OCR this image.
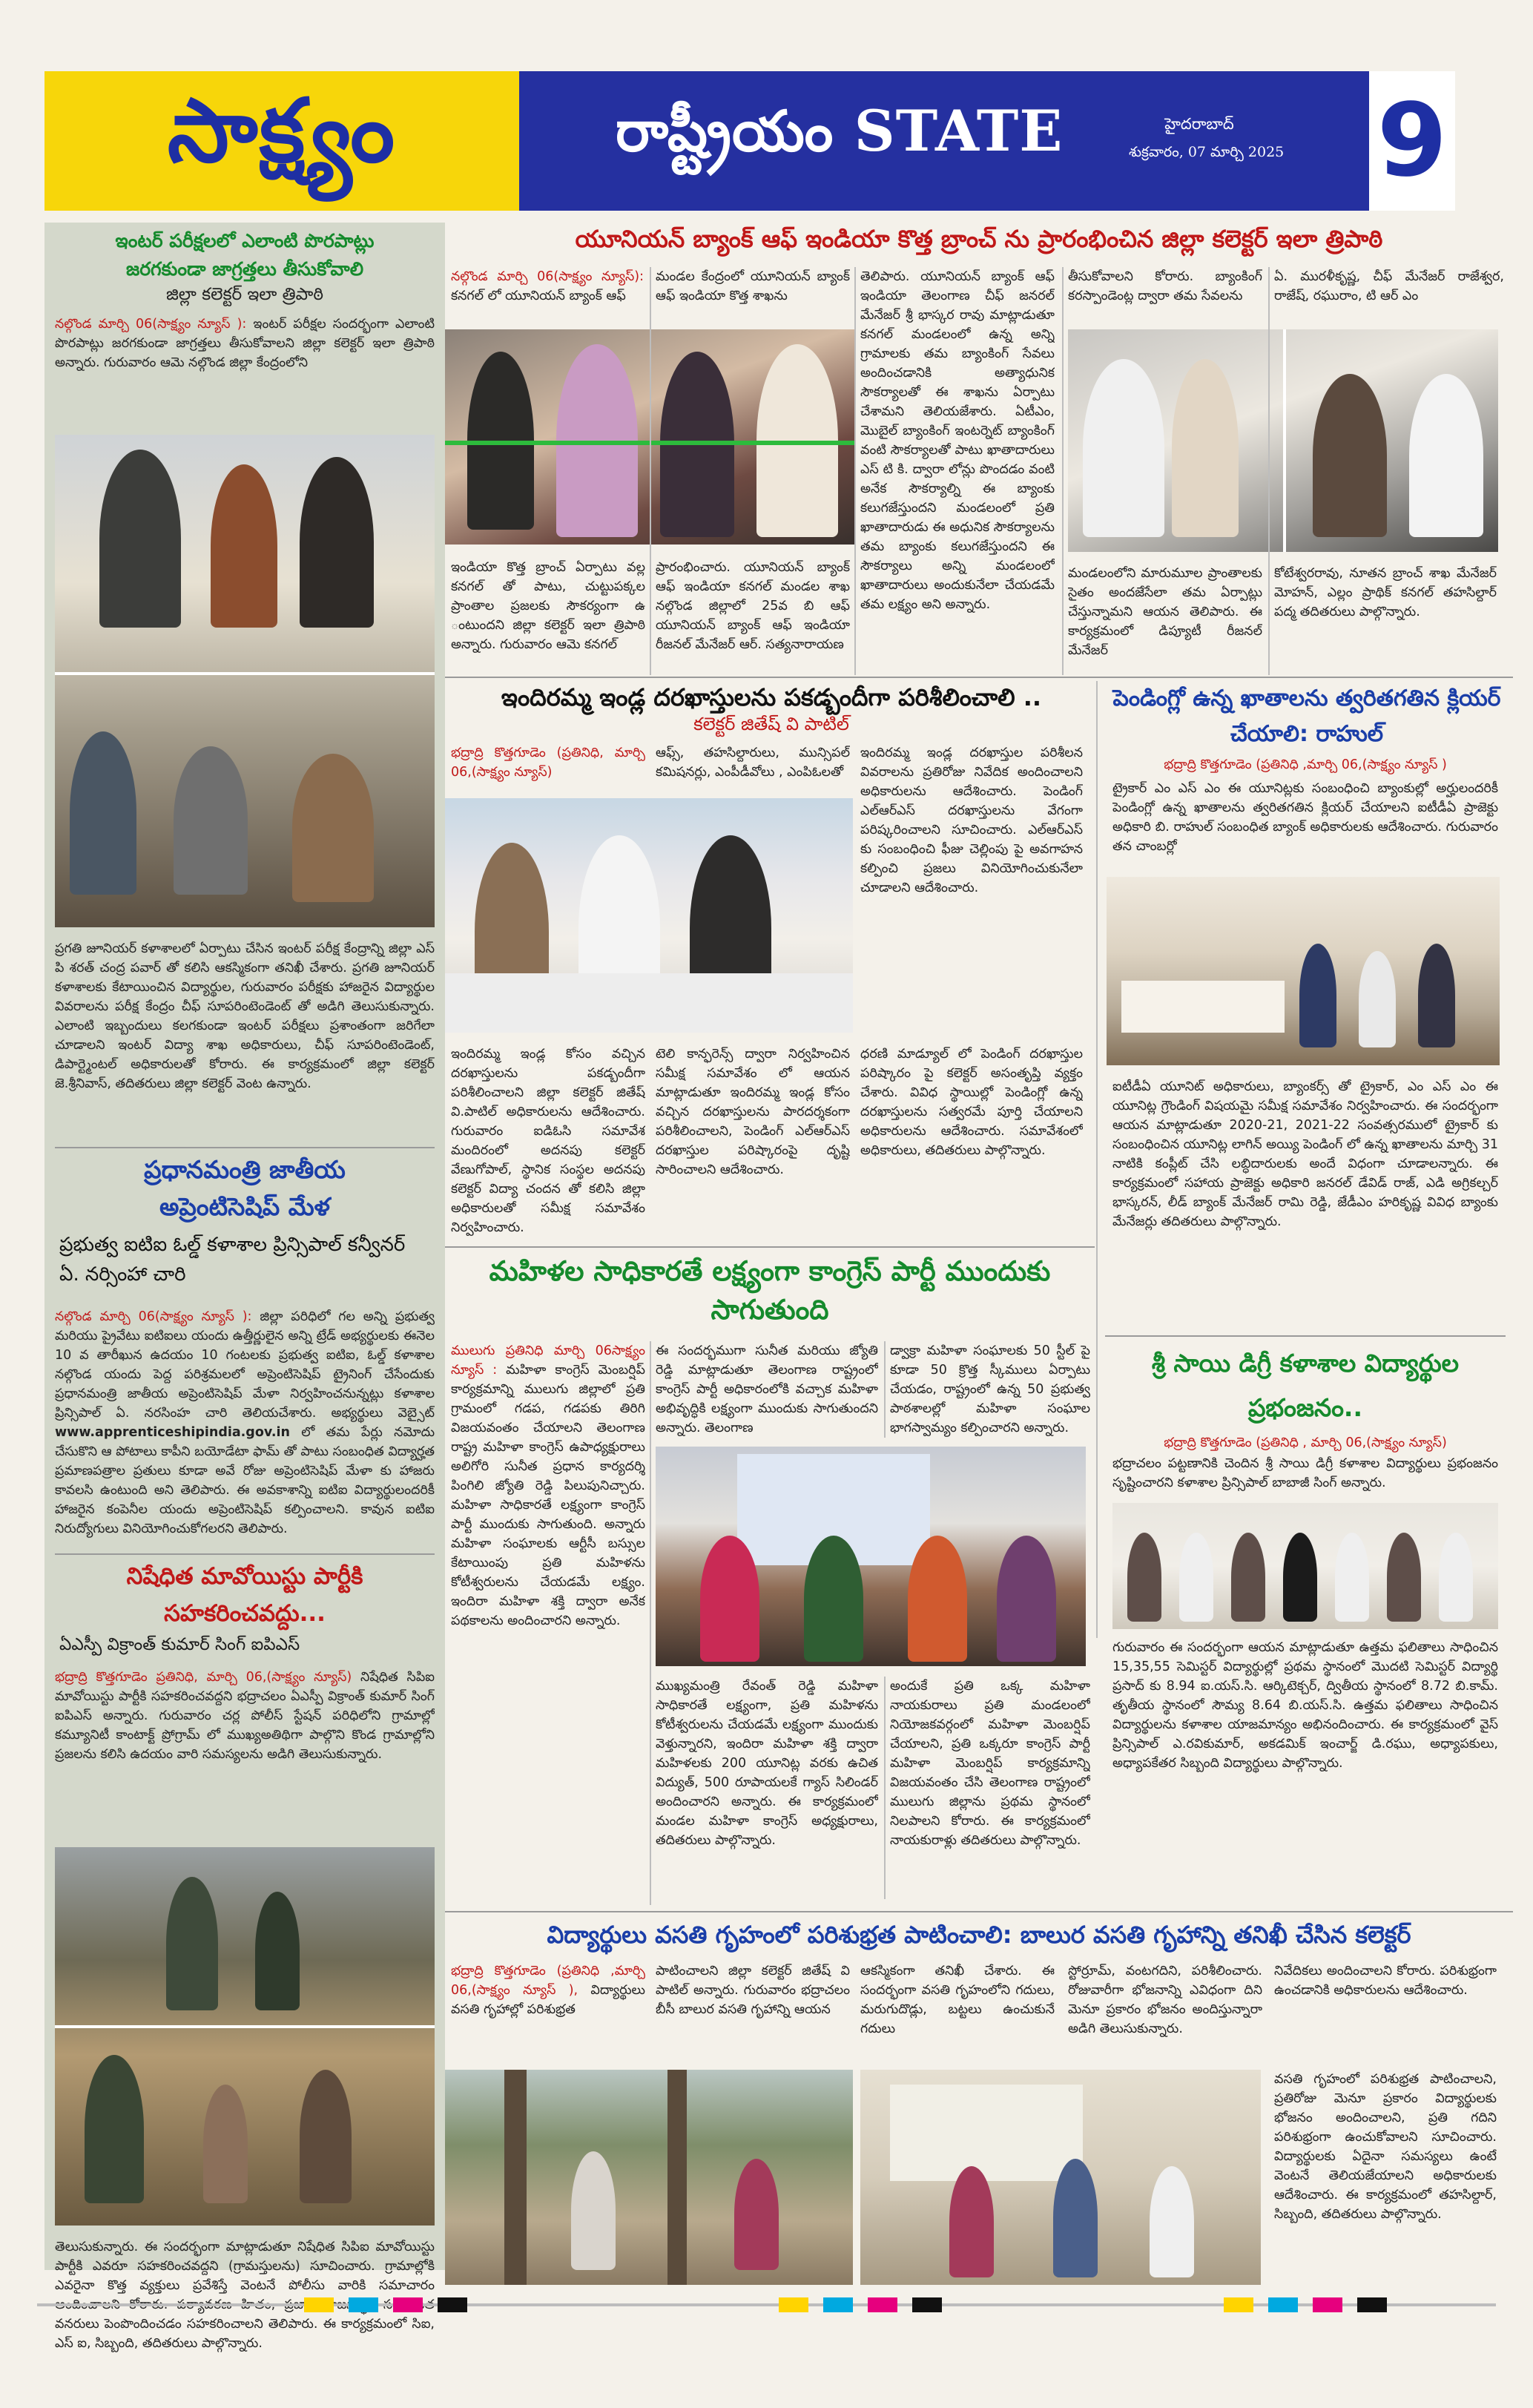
సాక్ష్యం	రాష్ట్రీయం STATE	హైదరాబాద్
శుక్రవారం, 07 మార్చి 2025 9
ఇంటర్ పరీక్షలలో ఎలాంటి పొరపాట్లు జరగకుండా జాగ్రత్తలు తీసుకోవాలి
జిల్లా కలెక్టర్ ఇలా త్రిపాఠి
నల్గొండ మార్చి 06(సాక్ష్యం న్యూస్ ): ఇంటర్ పరీక్షల సందర్భంగా ఎలాంటి పొరపాట్లు జరగకుండా జాగ్రత్తలు తీసుకోవాలని జిల్లా కలెక్టర్ ఇలా త్రిపాఠి అన్నారు. గురువారం ఆమె నల్గొండ జిల్లా కేంద్రంలోని
ప్రగతి జూనియర్ కళాశాలలో ఏర్పాటు చేసిన ఇంటర్ పరీక్ష కేంద్రాన్ని జిల్లా ఎస్ పి శరత్ చంద్ర పవార్ తో కలిసి ఆకస్మికంగా తనిఖీ చేశారు. ప్రగతి జూనియర్ కళాశాలకు కేటాయించిన విద్యార్థుల, గురువారం పరీక్షకు హాజరైన విద్యార్థుల వివరాలను పరీక్ష కేంద్రం చీఫ్ సూపరింటెండెంట్ తో అడిగి తెలుసుకున్నారు. ఎలాంటి ఇబ్బందులు కలగకుండా ఇంటర్ పరీక్షలు ప్రశాంతంగా జరిగేలా చూడాలని ఇంటర్ విద్యా శాఖ అధికారులు, చీఫ్ సూపరింటెండెంట్, డిపార్ట్మెంటల్ అధికారులతో కోరారు. ఈ కార్యక్రమంలో జిల్లా కలెక్టర్ జె.శ్రీనివాస్, తదితరులు జిల్లా కలెక్టర్ వెంట ఉన్నారు.
ప్రధానమంత్రి జాతీయ అప్రెంటిసెషిప్ మేళ
ప్రభుత్వ ఐటిఐ ఓల్డ్ కళాశాల ప్రిన్సిపాల్ కన్వీనర్ ఏ. నర్సింహా చారి
నల్గొండ మార్చి 06(సాక్ష్యం న్యూస్ ): జిల్లా పరిధిలో గల అన్ని ప్రభుత్వ మరియు ప్రైవేటు ఐటిఐలు యందు ఉత్తీర్ణులైన అన్ని ట్రేడ్ అభ్యర్థులకు ఈనెల 10 వ తారీఖున ఉదయం 10 గంటలకు ప్రభుత్వ ఐటిఐ, ఓల్డ్ కళాశాల నల్గొండ యందు పెద్ద పరిశ్రమలలో అప్రెంటిసెషిప్ ట్రైనింగ్ చేసేందుకు ప్రధానమంత్రి జాతీయ అప్రెంటిసెషిప్ మేళా నిర్వహించనున్నట్లు కళాశాల ప్రిన్సిపాల్ ఏ. నరసింహ చారి తెలియచేశారు. అభ్యర్థులు వెబ్సైట్ www.apprenticeshipindia.gov.in లో తమ పేర్లు నమోదు చేసుకొని ఆ పోటాలు కాపీని బయోడేటా ఫామ్ తో పాటు సంబంధిత విద్యార్హత ప్రమాణపత్రాల ప్రతులు కూడా అవే రోజు అప్రెంటిసెషిప్ మేళా కు హాజరు కావలసి ఉంటుంది అని తెలిపారు. ఈ అవకాశాన్ని ఐటిఐ విద్యార్థులందరికీ హాజరైన కంపెనీల యందు అప్రెంటిసెషిప్ కల్పించాలని. కావున ఐటిఐ నిరుద్యోగులు వినియోగించుకోగలరని తెలిపారు.
నిషేధిత మావోయిస్టు పార్టీకి సహకరించవద్దు...
ఏఎస్పీ విక్రాంత్ కుమార్ సింగ్ ఐపిఎస్
భద్రాద్రి కొత్తగూడెం ప్రతినిధి, మార్చి 06,(సాక్ష్యం న్యూస్) నిషేధిత సిపిఐ మావోయిస్టు పార్టీకి సహకరించవద్దని భద్రాచలం ఏఎస్పీ విక్రాంత్ కుమార్ సింగ్ ఐపిఎస్ అన్నారు. గురువారం చర్ల పోలీస్ స్టేషన్ పరిధిలోని గ్రామాల్లో కమ్యూనిటీ కాంటాక్ట్ ప్రోగ్రామ్ లో ముఖ్యఅతిథిగా పాల్గొని కొండ గ్రామాల్లోని ప్రజలను కలిసి ఉదయం వారి సమస్యలను అడిగి తెలుసుకున్నారు.
తెలుసుకున్నారు. ఈ సందర్భంగా మాట్లాడుతూ నిషేధిత సిపిఐ మావోయిస్టు పార్టీకి ఎవరూ సహకరించవద్దని (గ్రామస్తులను) సూచించారు. గ్రామాల్లోకి ఎవరైనా కొత్త వ్యక్తులు ప్రవేశిస్తే వెంటనే పోలీసు వారికి సమాచారం వనరులు పెంపొందించడం సహకరించాలని తెలిపారు. ఈ కార్యక్రమంలో సిఐ, ఎస్ ఐ, సిబ్బంది, తదితరులు పాల్గొన్నారు.
యూనియన్ బ్యాంక్ ఆఫ్ ఇండియా కొత్త బ్రాంచ్ ను ప్రారంభించిన జిల్లా కలెక్టర్ ఇలా త్రిపాఠి
నల్గొండ మార్చి 06(సాక్ష్యం న్యూస్): కనగల్ లో యూనియన్ బ్యాంక్ ఆఫ్
మండల కేంద్రంలో యూనియన్ బ్యాంక్ ఆఫ్ ఇండియా కొత్త శాఖను
తెలిపారు. యూనియన్ బ్యాంక్ ఆఫ్ ఇండియా తెలంగాణ చీఫ్ జనరల్ మేనేజర్ శ్రీ భాస్కర రావు మాట్లాడుతూ కనగల్ మండలంలో ఉన్న అన్ని గ్రామాలకు తమ బ్యాంకింగ్ సేవలు అందించడానికి అత్యాధునిక సౌకర్యాలతో ఈ శాఖను ఏర్పాటు చేశామని తెలియజేశారు. ఏటీఎం, మొబైల్ బ్యాంకింగ్ ఇంటర్నెట్ బ్యాంకింగ్ వంటి సౌకర్యాలతో పాటు ఖాతాదారులు ఎస్ టి కి. ద్వారా లోన్లు పొందడం వంటి అనేక సౌకర్యాల్ని ఈ బ్యాంకు కలుగజేస్తుందని మండలంలో ప్రతి ఖాతాదారుడు ఈ అధునిక సౌకర్యాలను తమ బ్యాంకు కలుగజేస్తుందని ఈ సౌకర్యాలు అన్ని మండలంలో ఖాతాదారులు అందుకునేలా చేయడమే తమ లక్ష్యం అని అన్నారు.
తీసుకోవాలని కోరారు. బ్యాంకింగ్ కరస్పాండెంట్ల ద్వారా తమ సేవలను
ఏ. మురళీకృష్ణ, చీఫ్ మేనేజర్ రాజేశ్వర, రాజేష్, రఘురాం, టి ఆర్ ఎం
ఇండియా కొత్త బ్రాంచ్ ఏర్పాటు వల్ల కనగల్ తో పాటు, చుట్టుపక్కల ప్రాంతాల ప్రజలకు సౌకర్యంగా ఉ ంటుందని జిల్లా కలెక్టర్ ఇలా త్రిపాఠి అన్నారు. గురువారం ఆమె కనగల్
ప్రారంభించారు. యూనియన్ బ్యాంక్ ఆఫ్ ఇండియా కనగల్ మండల శాఖ నల్గొండ జిల్లాలో 25వ బి ఆఫ్ యూనియన్ బ్యాంక్ ఆఫ్ ఇండియా రీజనల్ మేనేజర్ ఆర్. సత్యనారాయణ
మండలంలోని మారుమూల ప్రాంతాలకు సైతం అందజేసేలా తమ ఏర్పాట్లు చేస్తున్నామని ఆయన తెలిపారు. ఈ కార్యక్రమంలో డిప్యూటీ రీజనల్ మేనేజర్
కోటేశ్వరరావు, నూతన బ్రాంచ్ శాఖ మేనేజర్ మోహన్, ఎల్లం ప్రాథిక్ కనగల్ తహసిల్దార్ పద్మ తదితరులు పాల్గొన్నారు.
ఇందిరమ్మ ఇండ్ల దరఖాస్తులను పకడ్బందీగా పరిశీలించాలి ..
కలెక్టర్ జితేష్ వి పాటిల్
భద్రాద్రి కొత్తగూడెం (ప్రతినిధి, మార్చి 06,(సాక్ష్యం న్యూస్)
ఆఫ్స్, తహసిల్దారులు, మున్సిపల్ కమిషనర్లు, ఎంపీడీవోలు , ఎంపిఓలతో
ఇందిరమ్మ ఇండ్ల దరఖాస్తుల పరిశీలన వివరాలను ప్రతిరోజు నివేదిక అందించాలని అధికారులను ఆదేశించారు. పెండింగ్ ఎల్ఆర్ఎస్ దరఖాస్తులను వేగంగా పరిష్కరించాలని సూచించారు. ఎల్ఆర్ఎస్ కు సంబంధించి ఫీజు చెల్లింపు పై అవగాహన కల్పించి ప్రజలు వినియోగించుకునేలా చూడాలని ఆదేశించారు.
ఇందిరమ్మ ఇండ్ల కోసం వచ్చిన దరఖాస్తులను పకడ్బందీగా పరిశీలించాలని జిల్లా కలెక్టర్ జితేష్ వి.పాటిల్ అధికారులను ఆదేశించారు. గురువారం ఐడిఓసి సమావేశ మందిరంలో అదనపు కలెక్టర్ వేణుగోపాల్, స్థానిక సంస్థల అదనపు కలెక్టర్ విద్యా చందన తో కలిసి జిల్లా అధికారులతో సమీక్ష సమావేశం నిర్వహించారు.
టెలి కాన్ఫరెన్స్ ద్వారా నిర్వహించిన సమీక్ష సమావేశం లో ఆయన మాట్లాడుతూ ఇందిరమ్మ ఇండ్ల కోసం వచ్చిన దరఖాస్తులను పారదర్శకంగా పరిశీలించాలని, పెండింగ్ ఎల్ఆర్ఎస్ దరఖాస్తుల పరిష్కారంపై దృష్టి సారించాలని ఆదేశించారు.
ధరణి మాడ్యూల్ లో పెండింగ్ దరఖాస్తుల పరిష్కారం పై కలెక్టర్ అసంతృప్తి వ్యక్తం చేశారు. వివిధ స్థాయిల్లో పెండింగ్లో ఉన్న దరఖాస్తులను సత్వరమే పూర్తి చేయాలని అధికారులను ఆదేశించారు. సమావేశంలో అధికారులు, తదితరులు పాల్గొన్నారు.
పెండింగ్లో ఉన్న ఖాతాలను త్వరితగతిన క్లియర్ చేయాలి: రాహుల్
భద్రాద్రి కొత్తగూడెం (ప్రతినిధి ,మార్చి 06,(సాక్ష్యం న్యూస్ )
ట్రైకార్ ఎం ఎస్ ఎం ఈ యూనిట్లకు సంబంధించి బ్యాంకుల్లో అర్హులందరికీ పెండింగ్లో ఉన్న ఖాతాలను త్వరితగతిన క్లియర్ చేయాలని ఐటీడీఏ ప్రాజెక్టు అధికారి బి. రాహుల్ సంబంధిత బ్యాంక్ అధికారులకు ఆదేశించారు. గురువారం తన చాంబర్లో
ఐటీడీఏ యూనిట్ అధికారులు, బ్యాంకర్స్ తో ట్రైకార్, ఎం ఎస్ ఎం ఈ యూనిట్ల గ్రౌండింగ్ విషయమై సమీక్ష సమావేశం నిర్వహించారు. ఈ సందర్భంగా ఆయన మాట్లాడుతూ 2020-21, 2021-22 సంవత్సరములో ట్రైకార్ కు సంబంధించిన యూనిట్ల లాగిన్ అయ్యి పెండింగ్ లో ఉన్న ఖాతాలను మార్చి 31 నాటికి కంప్లీట్ చేసి లబ్ధిదారులకు అందే విధంగా చూడాలన్నారు. ఈ కార్యక్రమంలో సహాయ ప్రాజెక్టు అధికారి జనరల్ డేవిడ్ రాజ్, ఎడి అగ్రికల్చర్ భాస్కరన్, లీడ్ బ్యాంక్ మేనేజర్ రామి రెడ్డి, జేడీఎం హరికృష్ణ వివిధ బ్యాంకు మేనేజర్లు తదితరులు పాల్గొన్నారు.
శ్రీ సాయి డిగ్రీ కళాశాల విద్యార్థుల ప్రభంజనం..
భద్రాద్రి కొత్తగూడెం (ప్రతినిధి , మార్చి 06,(సాక్ష్యం న్యూస్)
భద్రాచలం పట్టణానికి చెందిన శ్రీ సాయి డిగ్రీ కళాశాల విద్యార్థులు ప్రభంజనం సృష్టించారని కళాశాల ప్రిన్సిపాల్ బాబాజీ సింగ్ అన్నారు.
గురువారం ఈ సందర్భంగా ఆయన మాట్లాడుతూ ఉత్తమ ఫలితాలు సాధించిన 15,35,55 సెమిస్టర్ విద్యార్థుల్లో ప్రథమ స్థానంలో మొదటి సెమిస్టర్ విద్యార్థి ప్రసాద్ కు 8.94 ఐ.యస్.సి. ఆర్కిటెక్చర్, ద్వితీయ స్థానంలో 8.72 బి.కామ్. తృతీయ స్థానంలో సౌమ్య 8.64 బి.యస్.సి. ఉత్తమ ఫలితాలు సాధించిన విద్యార్థులను కళాశాల యాజమాన్యం అభినందించారు. ఈ కార్యక్రమంలో వైస్ ప్రిన్సిపాల్ ఎ.రవికుమార్, అకడమిక్ ఇంచార్జ్ డి.రఘు, అధ్యాపకులు, అధ్యాపకేతర సిబ్బంది విద్యార్థులు పాల్గొన్నారు.
మహిళల సాధికారతే లక్ష్యంగా కాంగ్రెస్ పార్టీ ముందుకు సాగుతుంది
ములుగు ప్రతినిధి మార్చి 06సాక్ష్యం న్యూస్ : మహిళా కాంగ్రెస్ మెంబర్షిప్ కార్యక్రమాన్ని ములుగు జిల్లాలో ప్రతి గ్రామంలో గడప, గడపకు తిరిగి విజయవంతం చేయాలని తెలంగాణ రాష్ట్ర మహిళా కాంగ్రెస్ ఉపాధ్యక్షురాలు అలిగోరి సునీత ప్రధాన కార్యదర్శి పింగిలి జ్యోతి రెడ్డి పిలుపునిచ్చారు. మహిళా సాధికారతే లక్ష్యంగా కాంగ్రెస్ పార్టీ ముందుకు సాగుతుంది. అన్నారు మహిళా సంఘాలకు ఆర్టీసీ బస్సుల కేటాయింపు ప్రతి మహిళను కోటీశ్వరులను చేయడమే లక్ష్యం. ఇందిరా మహిళా శక్తి ద్వారా అనేక పథకాలను అందించారని అన్నారు.
ఈ సందర్భముగా సునీత మరియు జ్యోతి రెడ్డి మాట్లాడుతూ తెలంగాణ రాష్ట్రంలో కాంగ్రెస్ పార్టీ అధికారంలోకి వచ్చాక మహిళా అభివృద్ధికి లక్ష్యంగా ముందుకు సాగుతుందని అన్నారు. తెలంగాణ
డ్వాక్రా మహిళా సంఘాలకు 50 స్టీల్ పై కూడా 50 క్రొత్త స్కీములు ఏర్పాటు చేయడం, రాష్ట్రంలో ఉన్న 50 ప్రభుత్వ పాఠశాలల్లో మహిళా సంఘాల భాగస్వామ్యం కల్పించారని అన్నారు.
ముఖ్యమంత్రి రేవంత్ రెడ్డి మహిళా సాధికారతే లక్ష్యంగా, ప్రతి మహిళను కోటీశ్వరులను చేయడమే లక్ష్యంగా ముందుకు వెళ్తున్నారని, ఇందిరా మహిళా శక్తి ద్వారా మహిళలకు 200 యూనిట్ల వరకు ఉచిత విద్యుత్, 500 రూపాయలకే గ్యాస్ సిలిండర్ అందించారని అన్నారు. ఈ కార్యక్రమంలో మండల మహిళా కాంగ్రెస్ అధ్యక్షురాలు, తదితరులు పాల్గొన్నారు.
అందుకే ప్రతి ఒక్క మహిళా నాయకురాలు ప్రతి మండలంలో నియోజకవర్గంలో మహిళా మెంబర్షిప్ చేయాలని, ప్రతి ఒక్కరూ కాంగ్రెస్ పార్టీ మహిళా మెంబర్షిప్ కార్యక్రమాన్ని విజయవంతం చేసి తెలంగాణ రాష్ట్రంలో ములుగు జిల్లాను ప్రథమ స్థానంలో నిలపాలని కోరారు. ఈ కార్యక్రమంలో నాయకురాళ్లు తదితరులు పాల్గొన్నారు.
విద్యార్థులు వసతి గృహంలో పరిశుభ్రత పాటించాలి: బాలుర వసతి గృహాన్ని తనిఖీ చేసిన కలెక్టర్
భద్రాద్రి కొత్తగూడెం (ప్రతినిధి ,మార్చి 06,(సాక్ష్యం న్యూస్ ), విద్యార్థులు వసతి గృహాల్లో పరిశుభ్రత
పాటించాలని జిల్లా కలెక్టర్ జితేష్ వి పాటిల్ అన్నారు. గురువారం భద్రాచలం బీసీ బాలుర వసతి గృహాన్ని ఆయన
ఆకస్మికంగా తనిఖీ చేశారు. ఈ సందర్భంగా వసతి గృహంలోని గదులు, మరుగుదొడ్లు, బట్టలు ఉంచుకునే గదులు
స్టోర్రూమ్, వంటగదిని, పరిశీలించారు. రోజువారీగా భోజనాన్ని ఎవిధంగా దిని మెనూ ప్రకారం భోజనం అందిస్తున్నారా అడిగి తెలుసుకున్నారు.
నివేదికలు అందించాలని కోరారు. పరిశుభ్రంగా ఉంచడానికి అధికారులను ఆదేశించారు.
వసతి గృహంలో పరిశుభ్రత పాటించాలని, ప్రతిరోజు మెనూ ప్రకారం విద్యార్థులకు భోజనం అందించాలని, ప్రతి గదిని పరిశుభ్రంగా ఉంచుకోవాలని సూచించారు. విద్యార్థులకు ఏదైనా సమస్యలు ఉంటే వెంటనే తెలియజేయాలని అధికారులకు ఆదేశించారు. ఈ కార్యక్రమంలో తహసిల్దార్, సిబ్బంది, తదితరులు పాల్గొన్నారు.
